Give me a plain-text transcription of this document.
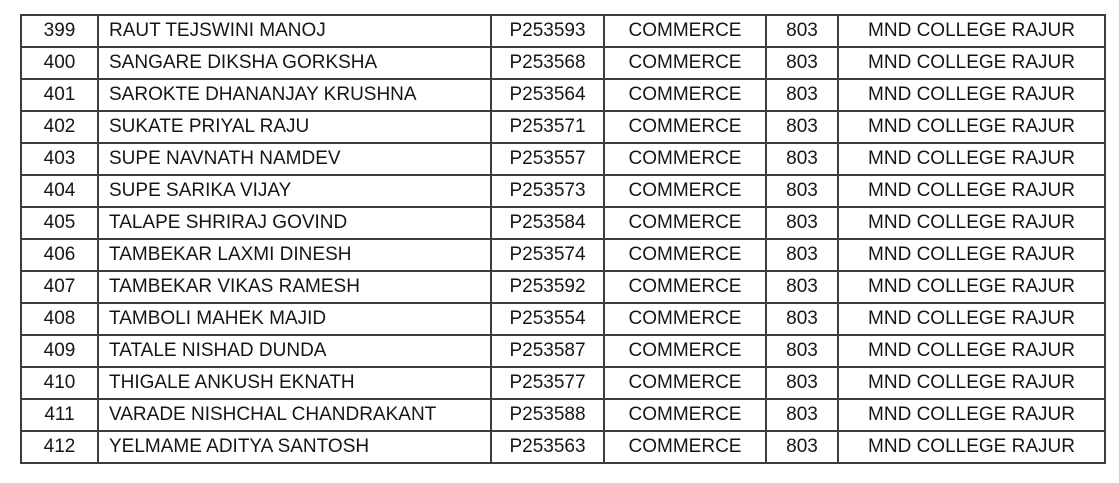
399	RAUT TEJSWINI MANOJ	P253593	COMMERCE	803	MND COLLEGE RAJUR
400	SANGARE DIKSHA GORKSHA	P253568	COMMERCE	803	MND COLLEGE RAJUR
401	SAROKTE DHANANJAY KRUSHNA	P253564	COMMERCE	803	MND COLLEGE RAJUR
402	SUKATE PRIYAL RAJU	P253571	COMMERCE	803	MND COLLEGE RAJUR
403	SUPE NAVNATH NAMDEV	P253557	COMMERCE	803	MND COLLEGE RAJUR
404	SUPE SARIKA VIJAY	P253573	COMMERCE	803	MND COLLEGE RAJUR
405	TALAPE SHRIRAJ GOVIND	P253584	COMMERCE	803	MND COLLEGE RAJUR
406	TAMBEKAR LAXMI DINESH	P253574	COMMERCE	803	MND COLLEGE RAJUR
407	TAMBEKAR VIKAS RAMESH	P253592	COMMERCE	803	MND COLLEGE RAJUR
408	TAMBOLI MAHEK MAJID	P253554	COMMERCE	803	MND COLLEGE RAJUR
409	TATALE NISHAD DUNDA	P253587	COMMERCE	803	MND COLLEGE RAJUR
410	THIGALE ANKUSH EKNATH	P253577	COMMERCE	803	MND COLLEGE RAJUR
411	VARADE NISHCHAL CHANDRAKANT	P253588	COMMERCE	803	MND COLLEGE RAJUR
412	YELMAME ADITYA SANTOSH	P253563	COMMERCE	803	MND COLLEGE RAJUR
